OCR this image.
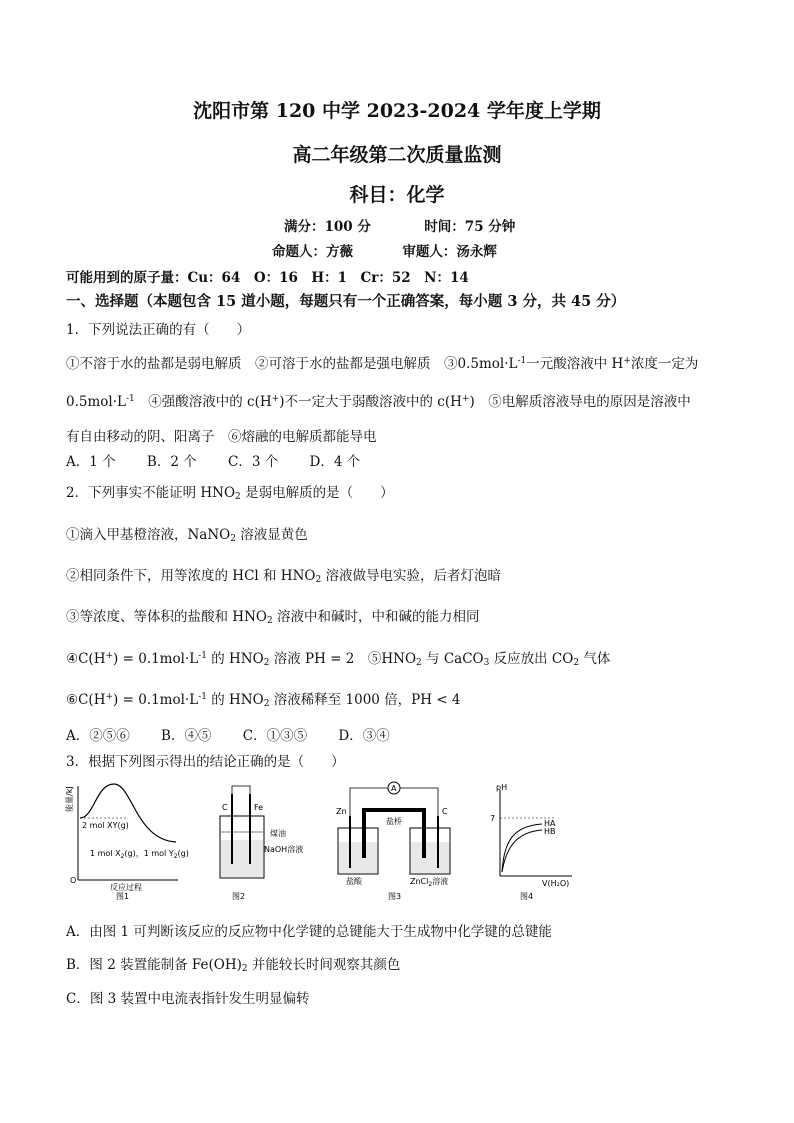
沈阳市第 120 中学 2023-2024 学年度上学期
高二年级第二次质量监测
科目：化学
满分：100 分	时间：75 分钟
命题人：方薇	审题人：汤永辉
可能用到的原子量：Cu：64　O：16　H：1　Cr：52　N：14
一、选择题（本题包含 15 道小题，每题只有一个正确答案，每小题 3 分，共 45 分）
1．下列说法正确的有（　　）
①不溶于水的盐都是弱电解质　②可溶于水的盐都是强电解质　$③0.5mol\cdot L^{-1}$一元酸溶液中 H+浓度一定为
$0.5mol\cdot L^{-1}$　④强酸溶液中的 c(H+)不一定大于弱酸溶液中的 c(H+)　⑤电解质溶液导电的原因是溶液中
有自由移动的阴、阳离子　⑥熔融的电解质都能导电
A．1 个　　 B．2 个　　 C．3 个　　 D．4 个
2．下列事实不能证明 $HNO_2$ 是弱电解质的是（　　）
①滴入甲基橙溶液，NaNO$_2$ 溶液显黄色
②相同条件下，用等浓度的 HCl 和 $HNO_2$ 溶液做导电实验，后者灯泡暗
③等浓度、等体积的盐酸和 $HNO_2$ 溶液中和碱时，中和碱的能力相同
④C(H+) = $0.1mol\cdot L^{-1}$ 的 $HNO_2$ 溶液 PH = 2　$⑤HNO_2$ 与 CaCO$_3$ 反应放出 $CO_2$ 气体
⑥C(H+) = $0.1mol\cdot L^{-1}$ 的 $HNO_2$ 溶液稀释至 1000 倍，PH < 4
A．②⑤⑥　　 B．④⑤　　 C．①③⑤　　 D．③④
3．根据下列图示得出的结论正确的是（　　）
能量/kJ
2 mol XY(g)
1 mol $X_2(g)$，1 mol $Y_2(g)$
O
反应过程
图1
C	Fe
煤油
NaOH溶液
图2
A
Zn	C
盐桥
盐酸	ZnCl$_2$溶液
图3
pH
7
HA
HB
V(H₂O)
图4
A．由图 1 可判断该反应的反应物中化学键的总键能大于生成物中化学键的总键能
B．图 2 装置能制备 $Fe(OH)_2$ 并能较长时间观察其颜色
C．图 3 装置中电流表指针发生明显偏转
